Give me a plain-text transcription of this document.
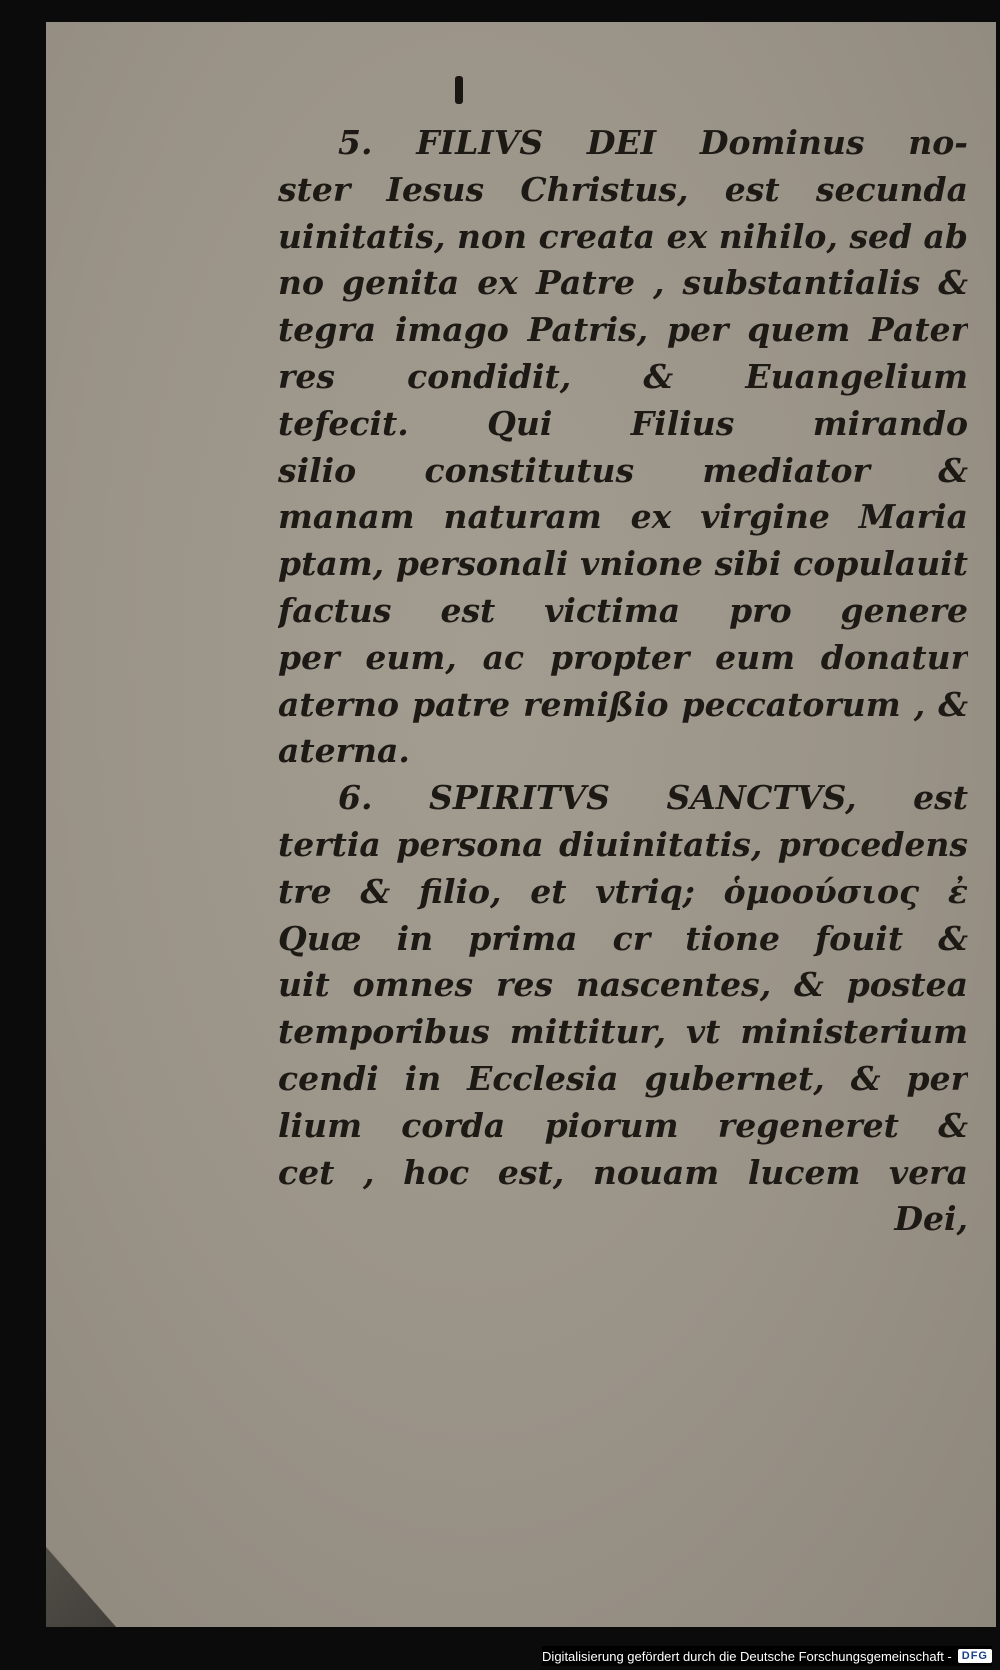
5. FILIVS DEI Dominus no-
ster Iesus Christus, est secunda
uinitatis, non creata ex nihilo, sed ab
no genita ex Patre , substantialis &
tegra imago Patris, per quem Pater
res condidit, & Euangelium
tefecit. Qui Filius mirando
silio constitutus mediator &
manam naturam ex virgine Maria
ptam, personali vnione sibi copulauit
factus est victima pro genere
per eum, ac propter eum donatur
aterno patre remißio peccatorum , &
aterna.
6. SPIRITVS SANCTVS, est
tertia persona diuinitatis, procedens
tre & filio, et vtriq; ὁμοούσιος ἐ
Quæ in prima cr tione fouit &
uit omnes res nascentes, & postea
temporibus mittitur, vt ministerium
cendi in Ecclesia gubernet, & per
lium corda piorum regeneret &
cet , hoc est, nouam lucem vera
Dei,
Digitalisierung gefördert durch die Deutsche Forschungsgemeinschaft - DFG
